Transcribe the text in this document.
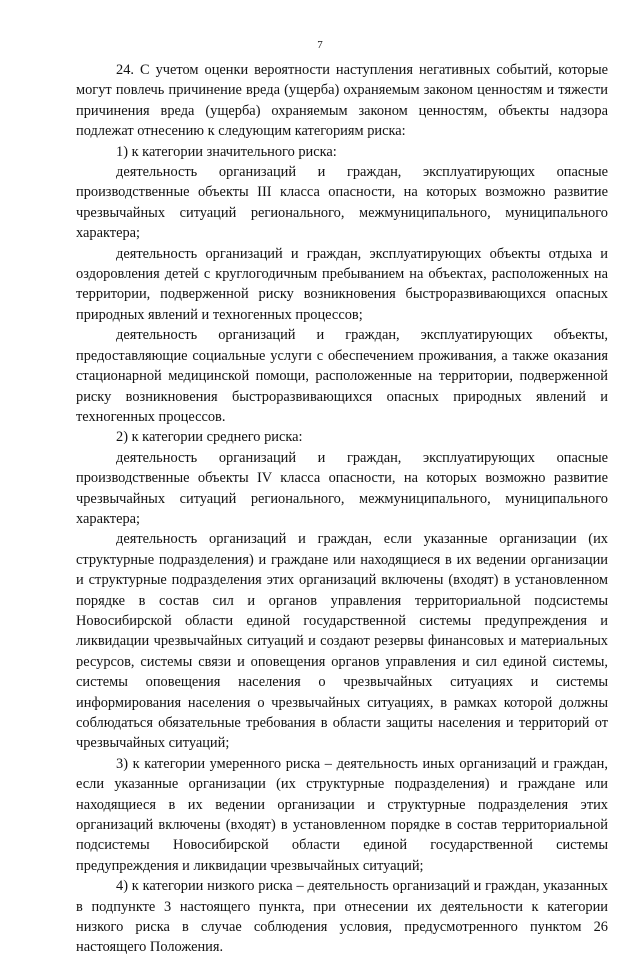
7

24. С учетом оценки вероятности наступления негативных событий, которые могут повлечь причинение вреда (ущерба) охраняемым законом ценностям и тяжести причинения вреда (ущерба) охраняемым законом ценностям, объекты надзора подлежат отнесению к следующим категориям риска:

1) к категории значительного риска:

деятельность организаций и граждан, эксплуатирующих опасные производственные объекты III класса опасности, на которых возможно развитие чрезвычайных ситуаций регионального, межмуниципального, муниципального характера;

деятельность организаций и граждан, эксплуатирующих объекты отдыха и оздоровления детей с круглогодичным пребыванием на объектах, расположенных на территории, подверженной риску возникновения быстроразвивающихся опасных природных явлений и техногенных процессов;

деятельность организаций и граждан, эксплуатирующих объекты, предоставляющие социальные услуги с обеспечением проживания, а также оказания стационарной медицинской помощи, расположенные на территории, подверженной риску возникновения быстроразвивающихся опасных природных явлений и техногенных процессов.

2) к категории среднего риска:

деятельность организаций и граждан, эксплуатирующих опасные производственные объекты IV класса опасности, на которых возможно развитие чрезвычайных ситуаций регионального, межмуниципального, муниципального характера;

деятельность организаций и граждан, если указанные организации (их структурные подразделения) и граждане или находящиеся в их ведении организации и структурные подразделения этих организаций включены (входят) в установленном порядке в состав сил и органов управления территориальной подсистемы Новосибирской области единой государственной системы предупреждения и ликвидации чрезвычайных ситуаций и создают резервы финансовых и материальных ресурсов, системы связи и оповещения органов управления и сил единой системы, системы оповещения населения о чрезвычайных ситуациях и системы информирования населения о чрезвычайных ситуациях, в рамках которой должны соблюдаться обязательные требования в области защиты населения и территорий от чрезвычайных ситуаций;

3) к категории умеренного риска – деятельность иных организаций и граждан, если указанные организации (их структурные подразделения) и граждане или находящиеся в их ведении организации и структурные подразделения этих организаций включены (входят) в установленном порядке в состав территориальной подсистемы Новосибирской области единой государственной системы предупреждения и ликвидации чрезвычайных ситуаций;

4) к категории низкого риска – деятельность организаций и граждан, указанных в подпункте 3 настоящего пункта, при отнесении их деятельности к категории низкого риска в случае соблюдения условия, предусмотренного пунктом 26 настоящего Положения.
